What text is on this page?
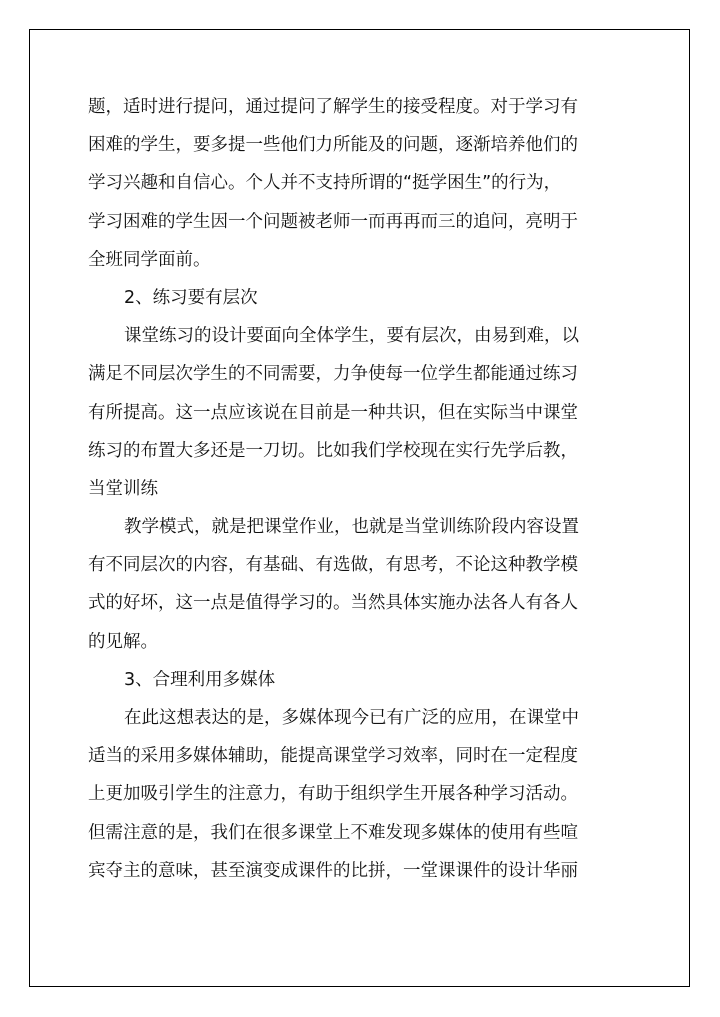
题，适时进行提问，通过提问了解学生的接受程度。对于学习有
困难的学生，要多提一些他们力所能及的问题，逐渐培养他们的
学习兴趣和自信心。个人并不支持所谓的“挺学困生”的行为，
学习困难的学生因一个问题被老师一而再再而三的追问，亮明于
全班同学面前。
2、练习要有层次
课堂练习的设计要面向全体学生，要有层次，由易到难，以
满足不同层次学生的不同需要，力争使每一位学生都能通过练习
有所提高。这一点应该说在目前是一种共识，但在实际当中课堂
练习的布置大多还是一刀切。比如我们学校现在实行先学后教，
当堂训练
教学模式，就是把课堂作业，也就是当堂训练阶段内容设置
有不同层次的内容，有基础、有选做，有思考，不论这种教学模
式的好坏，这一点是值得学习的。当然具体实施办法各人有各人
的见解。
3、合理利用多媒体
在此这想表达的是，多媒体现今已有广泛的应用，在课堂中
适当的采用多媒体辅助，能提高课堂学习效率，同时在一定程度
上更加吸引学生的注意力，有助于组织学生开展各种学习活动。
但需注意的是，我们在很多课堂上不难发现多媒体的使用有些喧
宾夺主的意味，甚至演变成课件的比拼，一堂课课件的设计华丽
